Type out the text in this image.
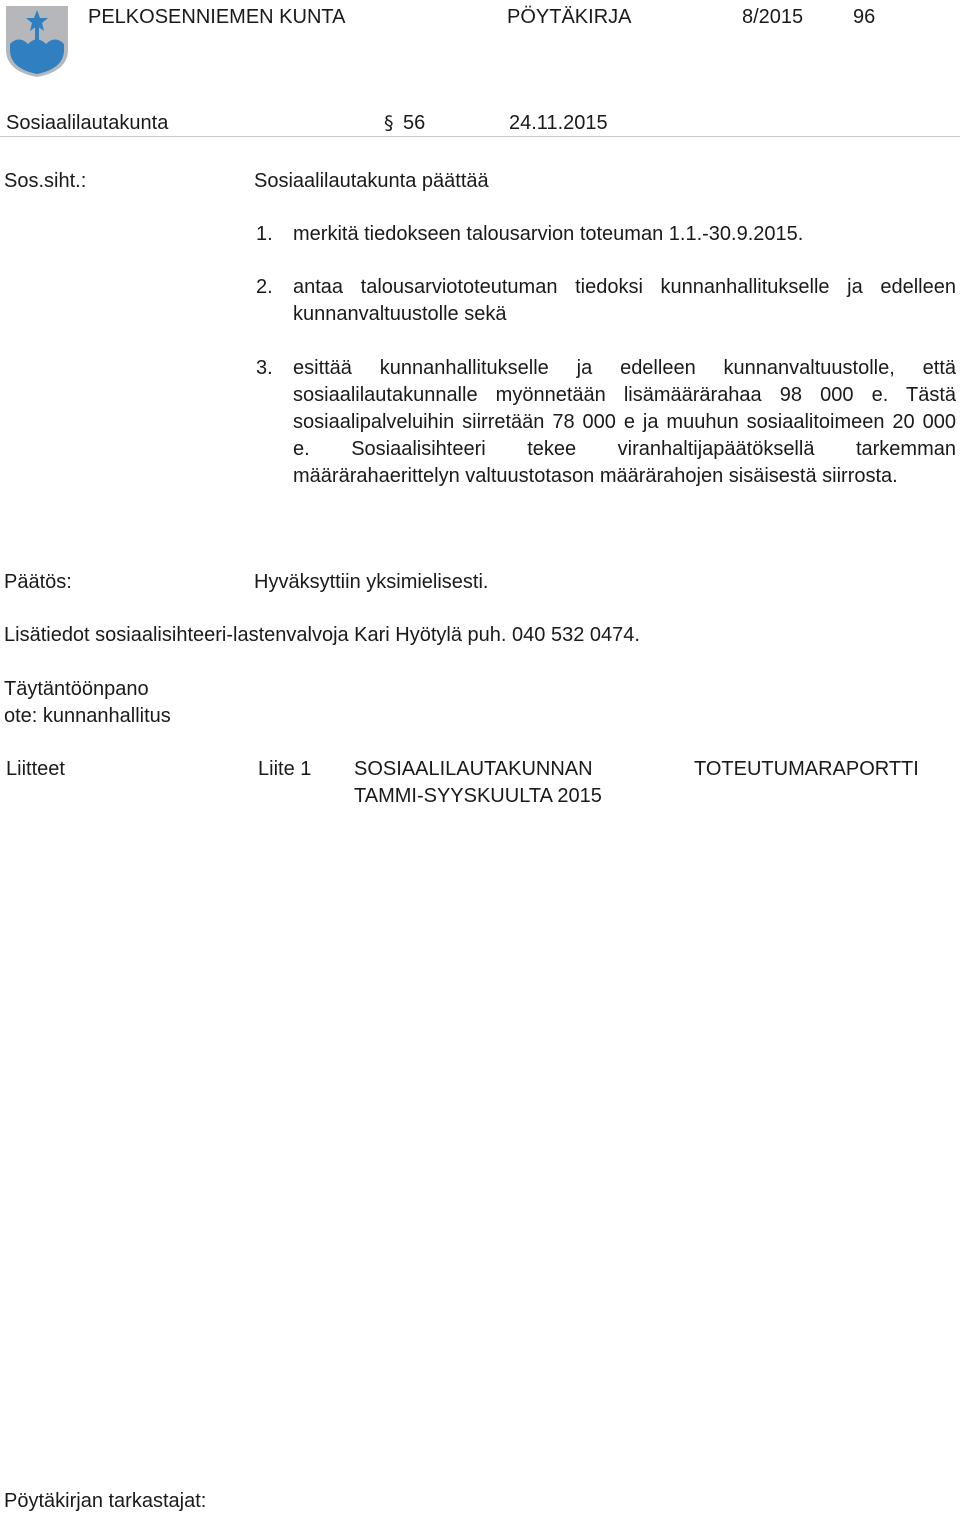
PELKOSENNIEMEN KUNTA	PÖYTÄKIRJA	8/2015 96
Sosiaalilautakunta	§ 56	24.11.2015
Sos.siht.:	Sosiaalilautakunta päättää
1. merkitä tiedokseen talousarvion toteuman 1.1.-30.9.2015.
2. antaa talousarviototeutuman tiedoksi kunnanhallitukselle ja edelleen kunnanvaltuustolle sekä
3. esittää kunnanhallitukselle ja edelleen kunnanvaltuustolle, että sosiaalilautakunnalle myönnetään lisämäärärahaa 98 000 e. Tästä sosiaalipalveluihin siirretään 78 000 e ja muuhun sosiaalitoimeen 20 000 e. Sosiaalisihteeri tekee viranhaltijapäätöksellä tarkemman määrärahaerittelyn valtuustotason määrärahojen sisäisestä siirrosta.
Päätös:	Hyväksyttiin yksimielisesti.
Lisätiedot sosiaalisihteeri-lastenvalvoja Kari Hyötylä puh. 040 532 0474.
Täytäntöönpano
ote: kunnanhallitus
Liitteet	Liite 1 SOSIAALILAUTAKUNNAN	TOTEUTUMARAPORTTI
TAMMI-SYYSKUULTA 2015
Pöytäkirjan tarkastajat:
